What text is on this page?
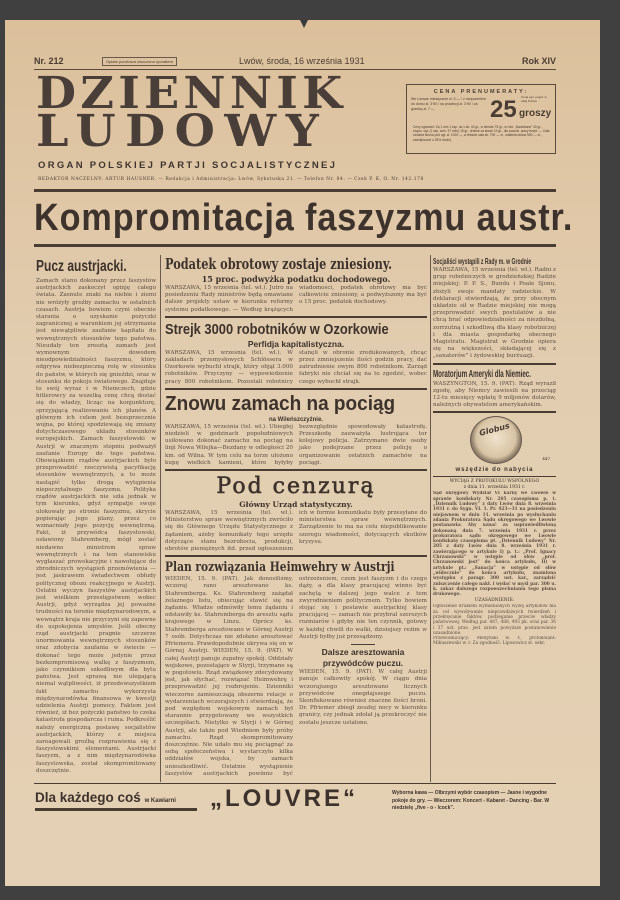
Nr. 212	Opłata pocztowa uiszczona ryczałtem	Lwów, środa, 16 września 1931	Rok XIV
DZIENNIK
LUDOWY
ORGAN POLSKIEJ PARTJI SOCJALISTYCZNEJ
REDAKTOR NACZELNY: ARTUR HAUSNER. — Redakcja i Administracja: Lwów, Sykstuska 21. — Telefon Nr. 84. — Czek P. K. O. Nr. 142.178
CENA PRENUMERATY:
We Lwowie miesięcznie zł. 3·— / z doręczeniem do domu zł. 3·50 / na prowincji zł. 3·50 / za granicą zł. 7·—	25 Cena egz. pojed. w całej Polsce
groszy
Ceny ogłoszeń: Za 1 mm 1 szp. na 1 str. 40 gr., w tekście 75 gr., w rubr. „Nadesłane” 40 gr., zwycz. ogł. (1 szp. szer. 37 m/m) 15 gr., drobne za słowo 10 gr., dla poszuk. pracy bezpł. — Cała czwarta strona pod ogł. zł. 1000·—, w tekście cała str. 700·— zł., ostatnia strona 500·— zł., zamiejscowe o 25% drożej.
Kompromitacja faszyzmu austr.
Pucz austrjacki.
Zamach stanu dokonany przez faszystów austrjackich zaskoczył opinję całego świata. Zasnute znaki na niebie i ziemi nie wróżyły groźby zamachu w ostatnich czasach. Austrja bowiem czyni obecnie starania o uzyskanie pożyczki zagranicznej a warunkiem jej otrzymania jest niewątpliwie zaufanie kapitału do wewnętrznych stosunków tego państwa. Nieudały ten zresztą zamach jest wymownym dowodem nieodpowiedzialności faszyzmu, który odgrywa niebezpieczną rolę w stosunku do państw, w których się gnieździ, oraz w stosunku do pokoju światowego. Znajduje to swój wyraz i w Niemczech, gdzie hitlerowcy za wszelką cenę chcą dostać się do władzy, licząc na konjunkturę, sprzyjającą realizowaniu ich planów. A głównym ich celem jest bezsprzecznie wojna, po której spodziewają się zmiany dotychczasowego układu stosunków europejskich. Zamach faszystowski w Austrji w znacznym stopniu podważył zaufanie Europy do tego państwa. Obowiązkiem rządów austrjackich było przeprowadzić rzeczywistą pacyfikację stosunków wewnętrznych, a to może nastąpić tylko drogą wytępienia niepoczytalnego faszyzmu. Polityka rządów austrjackich nie szła jednak w tym kierunku, gdyż sympatje swoje ulokowały po stronie faszyzmu, skrycie popierając jego plany, przez co wzmacniały jego pozycję wewnętrzną. Fakt, iż przywódca faszystowski, osławiony Stahremberg, mógł zostać niedawno ministrem spraw wewnętrznych i na tem stanowisku wygłaszać prowokacyjne i nawołujące do zbrodniczych wystąpień przemówienia — jest jaskrawem świadectwem obłudy politycznej obozu reakcyjnego w Austrji. Ostatni wyczyn faszystów austrjackich jest wielkiem przestępstwem wobec Austrji, gdyż wyrządza jej poważne trudności na terenie międzynarodowym, a wewnątrz kraja nie przyczyni się zapewne do uspokojenia umysłów. Jeśli obecny rząd austrjacki pragnie szczerze unormowania wewnętrznych stosunków oraz zdobycia zaufania w świecie — dokonać tego może jedynie przez bezkompromisową walkę z faszyzmem, jako czynnikiem szkodliwym dla bytu państwa. Jest sprawą nie ulegającą niemal wątpliwości, iż przedewszystkiem fakt zamachu wykorzysta międzynarodówka finansowa w kwestji udzielenia Austrji pomocy. Faktem jest również, iż bez pożyczki państwo to czeka katastrofa gospodarcza i ruina. Podkreślić należy energiczną postawę socjalistów austrjackich, którzy z miejsca zareagowali groźbą rozprawienia się z faszystowskimi elementami. Austrjacki faszyzm, a z nim międzynarodówka faszystowska, został skompromitowany doszczętnie.
Podatek obrotowy zostaje zniesiony.
15 proc. podwyżka podatku dochodowego.
WARSZAWA, 15 września (tel. wł.). Jutro na posiedzeniu Rady ministrów będą omawiane dalsze projekty ustaw w kierunku reformy systemu podatkowego. — Według krążących wiadomości, podatek obrotowy ma być całkowicie zniesiony, a podwyższony ma być o 15 proc. podatek dochodowy.
Strejk 3000 robotników w Ozorkowie
Perfidja kapitalistyczna.
WARSZAWA, 15 września (tel. wł.). W zakładach przemysłowych Schlössera w Ozorkowie wybuchł strajk, który objął 3.000 robotników. Przyczyny — wypowiedzenie pracy 800 robotnikom. Pozostali robotnicy stanęli w obronie zredukowanych, chcąc przez zmniejszenie ilości godzin pracy, dać zatrudnienie owym 800 robotnikom. Zarząd fabryki nie chciał się na to zgodzić, wobec czego wybuchł strajk.
Znowu zamach na pociąg
na Wileńszczyźnie.
WARSZAWA, 15 września (tel. wł.). Ubiegłej niedzieli w godzinach popołudniowych usiłowano dokonać zamachu na pociąg na linji Nowa Wilejka—Bezdany w odległości 20 km. od Wilna. W tym celu na torze ułożono kupę wielkich kamieni, które byłyby bezwzględnie spowodowały katastrofę. Przeszkodę zauważyła lustrująca tor kolejowy policja. Zatrzymano dwie osoby jako podejrzane przez policję o organizowanie ostatnich zamachów na pociągi.
Pod cenzurą
Główny Urząd statystyczny.
WARSZAWA, 15 września (tel. wł.). Ministerstwo spraw wewnętrznych zwróciło się do Głównego Urzędu Statystycznego z żądaniem, ażeby komunikaty tego urzędu dotyczące stanu bezrobocia, produkcji, obrotów pieniężnych itd. przed ogłoszeniem ich w formie komunikatu były przesyłane do ministerstwa spraw wewnętrznych. Zarządzenie to ma na celu niepublikowanie szeregu wiadomości, dotyczących skutków kryzysu.
Plan rozwiązania Heimwehry w Austrji
WIEDEŃ, 15. 9. (PAT). Jak donosiliśmy, wczoraj rano aresztowano ks. Stahremberga. Ks. Stahremberg zażądał żelaznego listu, obiecując stawić się na żądanie. Władze odmówiły temu żądaniu i odstawiły ks. Stahremberga do aresztu sądu krajowego w Linzu. Oprócz ks. Stahremberga aresztowano w Górnej Austrji 7 osób. Dotychczas nie zdołano aresztować Pfriemera. Prawdopodobnie ukrywa się on w Górnej Austrji. WIEDEŃ, 15. 9. (PAT). W całej Austrji panuje zupełny spokój. Oddziały wojskowe, pozostające w Styrji, trzymane są w pogotowiu. Rząd związkowy zdecydowany jest, jak słychać, rozwiązać Heimwehrę i przeprowadzić jej rozbrojenie. Dzienniki wieczorne zamieszczają obszerne relacje o wydarzeniach wczorajszych i stwierdzają, że pod względem wojskowym zamach był starannie przygotowany we wszystkich szczegółach. Nietylko w Styrji i w Górnej Austrji, ale także pod Wiedniem były próby zamachu. Rząd skompromitowany doszczętnie. Nie udało mu się pociągnąć za sobą społeczeństwa i wystarczyło kilka oddziałów wojska, by zamach unieszkodliwić. Ostatnie wystąpienie faszystów austrjackich powinno być ostrzeżeniem, czem jest faszyzm i do czego dąży, a dla klasy pracującej winno być zachętą w dalszej jego walce z tem zwyrodnieniem politycznem. Tylko bowiem stojąc się i postawie austrjackiej klasy pracującej — zamach nie przybrał szerszych rozmiarów i gdyby nie ten czynnik, gotowy w każdej chwili do walki, dzisiejszy reżim w Austrji byłby już przesądzony.
Dalsze aresztowania
przywódców puczu.
WIEDEŃ, 15. 9. (PAT). W całej Austrji panuje całkowity spokój. W ciągu dnia wczorajszego aresztowano licznych przywódców onegdajszego puczu. Skonfiskowano również znaczne ilości broni. Dr. Pfriemer zbiegł zeszłej nocy w kierunku granicy, czy jednak zdołał ją przekroczyć nie zostało jeszcze ustalone.
Socjaliści wystąpili z Rady m. w Grodnie
WARSZAWA, 15 września (tel. wł.). Radni z grup robotniczych w grodzieńskiej Radzie miejskiej: P. P. S., Bundu i Poale Sjonu, złożyli swoje mandaty radzieckie. W deklaracji stwierdzają, że przy obecnym układzie sił w Radzie miejskiej nie mogą przeprowadzić swych postulatów a nie chcą brać odpowiedzialności za niezdolną, zorrzutną i szkodliwą dla klasy robotniczej i dla miasta gospodarkę obecnego Magistratu. Magistrat w Grodnie opiera się na większości, składającej się z „sanatorów” i żydowskiej burżuazji.
Moratorjum Ameryki dla Niemiec.
WASZYNGTON, 15. 9. (PAT). Rząd wyraził zgodę, aby Niemcy zawiesili na przeciąg 12-tu miesięcy wpłatę 9 miljonów dolarów, należnych obywatelom amerykańskim.
Globus
447
wszędzie do nabycia
WYCIĄG Z PROTOKUŁU WSPÓLNEGO
z dnia 11. września 1931 r.
Sąd okręgowy Wydział VI karny we Lwowie w sprawie konfiskaty Nr. 205 czasopisma p. t. „Dziennik Ludowy” z daty Lwów dnia 8. września 1931 r. do Sygn. VI. 1. Pr. 423—31 na posiedzeniu niejawnem w dniu 11. września po wysłuchaniu zdania Prokuratora Sądu okręgowego we Lwowie postanawia: Aby uznać za usprawiedliwioną dokonaną dnia 7. września 1931 r. przez prokuratora sądu okręgowego we Lwowie konfiskatę czasopisma pt. „Dziennik Ludowy” Nr. 205 z daty Lwów dnia 8. września 1931 r. zawierającego w artykule I) p. t.: „Prof. Ignacy Chrzanowski” w ustępie od słów „prof. Chrzanowski jest” do końca artykułu, II) w artykule pt.: „Sanacja” w ustępie od słów „widocznie” do końca artykułu, znamiona występku z paragr. 300 ust. kar., zarządzić zniszczenie całego nakł. i wydać w myśl par. 300 u. k. zakaz dalszego rozpowszechniania tego pisma drukowego.
UZASADNIENIE:
Ogłoszenie drukiem wymienionych wyżej artykułów ma za cel wywoływanie nieprawdziwych twierdzeń i przekręcanie faktów, podżeganie przeciw władzy państwowej. Według par. 487, 488, 493 pk. oraz par. 36 i 37 ust. pras. jest zatem powyższe postanowienie uzasadnione.
Przewodniczący: Medyński w. r., protokolant: Mikuszewski w. r. Za zgodność: Liposowicz st. sekr.
Dla każdego coś w Kawiarni „LOUVRE“	Wyborna kawa — Olbrzymi wybór czasopism — Jasne i wygodne pokoje do gry. — Wieczorem: Koncert - Kabaret - Dancing - Bar. W niedzielę „five - o - lcock”.
